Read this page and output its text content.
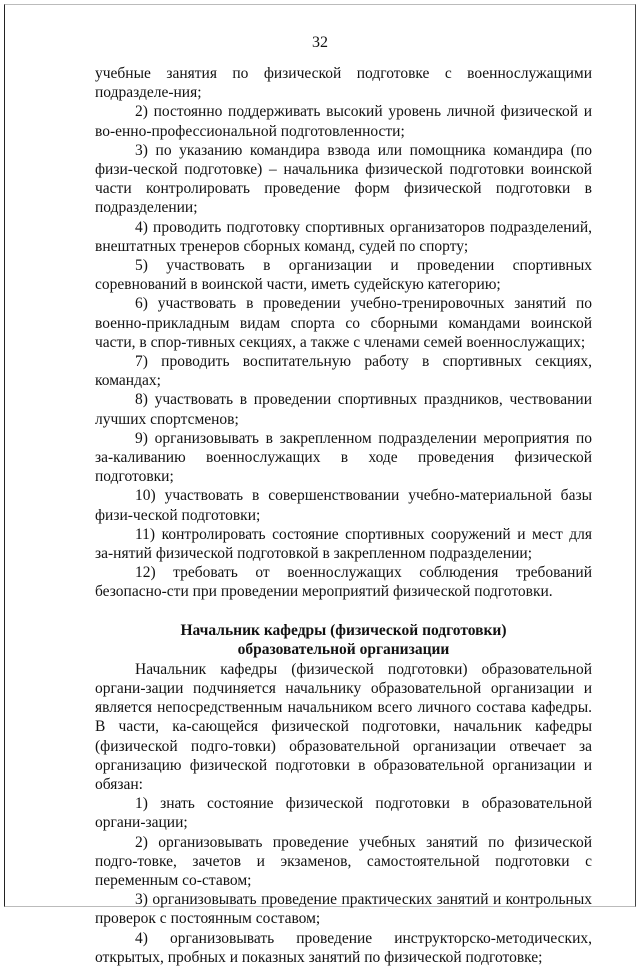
32

учебные занятия по физической подготовке с военнослужащими подразделе-ния;

2) постоянно поддерживать высокий уровень личной физической и во-енно-профессиональной подготовленности;

3) по указанию командира взвода или помощника командира (по физи-ческой подготовке) – начальника физической подготовки воинской части контролировать проведение форм физической подготовки в подразделении;

4) проводить подготовку спортивных организаторов подразделений, внештатных тренеров сборных команд, судей по спорту;

5) участвовать в организации и проведении спортивных соревнований в воинской части, иметь судейскую категорию;

6) участвовать в проведении учебно-тренировочных занятий по военно-прикладным видам спорта со сборными командами воинской части, в спор-тивных секциях, а также с членами семей военнослужащих;

7) проводить воспитательную работу в спортивных секциях, командах;

8) участвовать в проведении спортивных праздников, чествовании лучших спортсменов;

9) организовывать в закрепленном подразделении мероприятия по за-каливанию военнослужащих в ходе проведения физической подготовки;

10) участвовать в совершенствовании учебно-материальной базы физи-ческой подготовки;

11) контролировать состояние спортивных сооружений и мест для за-нятий физической подготовкой в закрепленном подразделении;

12) требовать от военнослужащих соблюдения требований безопасно-сти при проведении мероприятий физической подготовки.

Начальник кафедры (физической подготовки)
образовательной организации

Начальник кафедры (физической подготовки) образовательной органи-зации подчиняется начальнику образовательной организации и является непосредственным начальником всего личного состава кафедры. В части, ка-сающейся физической подготовки, начальник кафедры (физической подго-товки) образовательной организации отвечает за организацию физической подготовки в образовательной организации и обязан:

1) знать состояние физической подготовки в образовательной органи-зации;

2) организовывать проведение учебных занятий по физической подго-товке, зачетов и экзаменов, самостоятельной подготовки с переменным со-ставом;

3) организовывать проведение практических занятий и контрольных проверок с постоянным составом;

4) организовывать проведение инструкторско-методических, открытых, пробных и показных занятий по физической подготовке;
